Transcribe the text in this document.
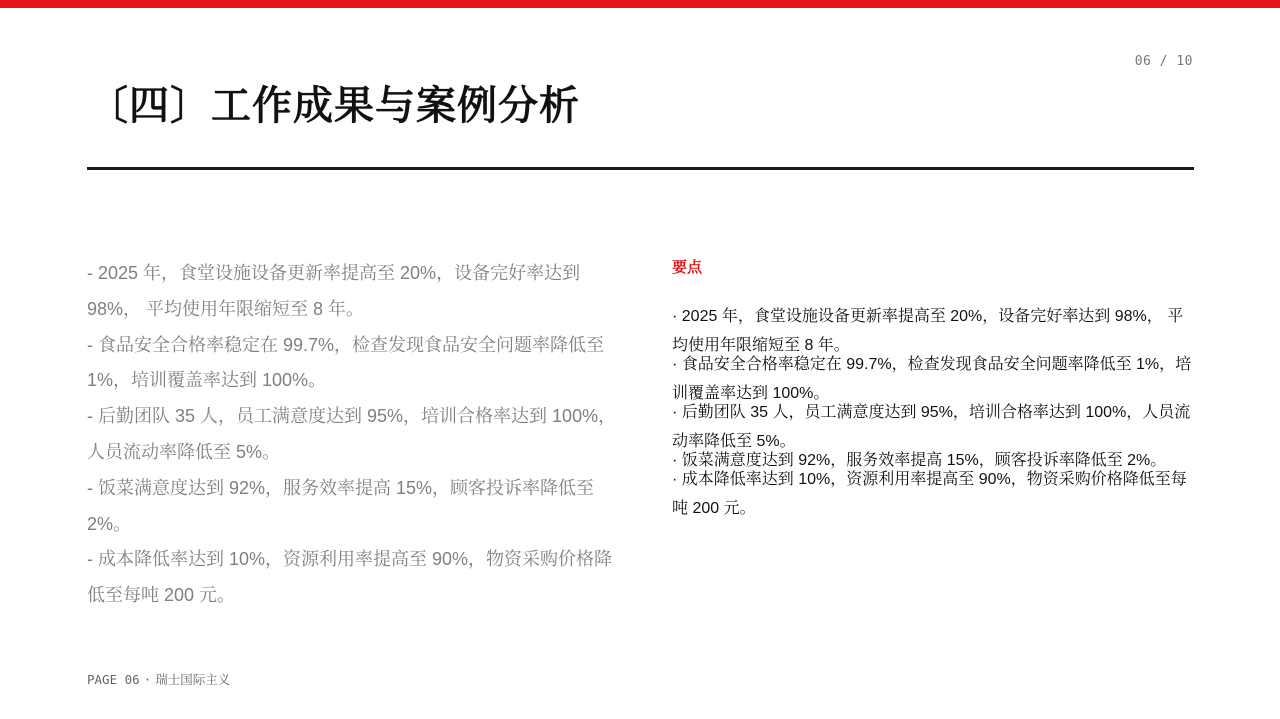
06 / 10
〔四〕工作成果与案例分析
- 2025 年，食堂设施设备更新率提高至 20%，设备完好率达到 98%， 平均使用年限缩短至 8 年。
- 食品安全合格率稳定在 99.7%，检查发现食品安全问题率降低至 1%，培训覆盖率达到 100%。
- 后勤团队 35 人，员工满意度达到 95%，培训合格率达到 100%，人员流动率降低至 5%。
- 饭菜满意度达到 92%，服务效率提高 15%，顾客投诉率降低至 2%。
- 成本降低率达到 10%，资源利用率提高至 90%，物资采购价格降低至每吨 200 元。
要点
· 2025 年，食堂设施设备更新率提高至 20%，设备完好率达到 98%， 平均使用年限缩短至 8 年。
· 食品安全合格率稳定在 99.7%，检查发现食品安全问题率降低至 1%，培训覆盖率达到 100%。
· 后勤团队 35 人，员工满意度达到 95%，培训合格率达到 100%，人员流动率降低至 5%。
· 饭菜满意度达到 92%，服务效率提高 15%，顾客投诉率降低至 2%。
· 成本降低率达到 10%，资源利用率提高至 90%，物资采购价格降低至每吨 200 元。
PAGE 06 · 瑞士国际主义
